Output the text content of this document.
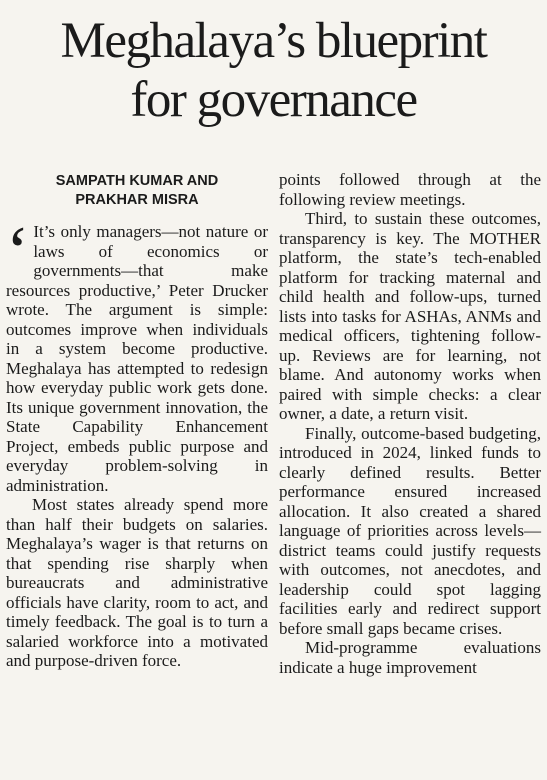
Meghalaya’s blueprint
for governance
SAMPATH KUMAR AND
PRAKHAR MISRA

‘ It’s only managers—not nature or laws of economics or governments—that make resources productive,’ Peter Drucker wrote. The argument is simple: outcomes improve when individuals in a system become productive. Meghalaya has attempted to redesign how everyday public work gets done. Its unique government innovation, the State Capability Enhancement Project, embeds public purpose and everyday problem-solving in administration.

Most states already spend more than half their budgets on salaries. Meghalaya’s wager is that returns on that spending rise sharply when bureaucrats and administrative officials have clarity, room to act, and timely feedback. The goal is to turn a salaried workforce into a motivated and purpose-driven force.

points followed through at the following review meetings.

Third, to sustain these outcomes, transparency is key. The MOTHER platform, the state’s tech-enabled platform for tracking maternal and child health and follow-ups, turned lists into tasks for ASHAs, ANMs and medical officers, tightening follow-up. Reviews are for learning, not blame. And autonomy works when paired with simple checks: a clear owner, a date, a return visit.

Finally, outcome-based budgeting, introduced in 2024, linked funds to clearly defined results. Better performance ensured increased allocation. It also created a shared language of priorities across levels—district teams could justify requests with outcomes, not anecdotes, and leadership could spot lagging facilities early and redirect support before small gaps became crises.

Mid-programme evaluations indicate a huge improvement
